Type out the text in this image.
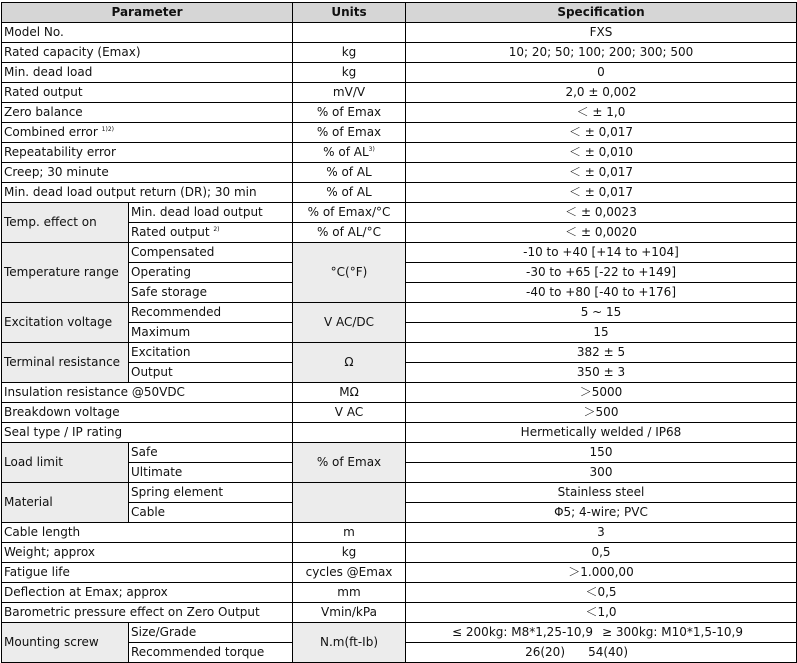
Parameter		Units	Specification
Model No.			FXS
Rated capacity (Emax)		kg	10; 20; 50; 100; 200; 300; 500
Min. dead load		kg	0
Rated output		mV/V	2,0 ± 0,002
Zero balance		% of Emax	＜ ± 1,0
Combined error $^{1)2)}$		% of Emax	＜ ± 0,017
Repeatability error		% of $AL^{3)}$	＜ ± 0,010
Creep; 30 minute		% of AL	＜ ± 0,017
Min. dead load output return (DR); 30 min		% of AL	＜ ± 0,017
Temp. effect on	Min. dead load output	% of Emax/°C	＜ ± 0,0023
	Rated output $^{2)}$	% of AL/°C	＜ ± 0,0020
Temperature range	Compensated	°C(°F)	-10 to +40 [+14 to +104]
	Operating		-30 to +65 [-22 to +149]
	Safe storage		-40 to +80 [-40 to +176]
Excitation voltage	Recommended	V AC/DC	5 ~ 15
	Maximum		15
Terminal resistance	Excitation	Ω	382 ± 5
	Output		350 ± 3
Insulation resistance @50VDC		MΩ	＞5000
Breakdown voltage		V AC	＞500
Seal type / IP rating			Hermetically welded / IP68
Load limit	Safe	% of Emax	150
	Ultimate		300
Material	Spring element		Stainless steel
	Cable		Φ5; 4-wire; PVC
Cable length		m	3
Weight; approx		kg	0,5
Fatigue life		cycles @Emax	＞1.000,00
Deflection at Emax; approx		mm	＜0,5
Barometric pressure effect on Zero Output		Vmin/kPa	＜1,0
Mounting screw	Size/Grade	N.m(ft-Ib)	≤ 200kg: M8*1,25-10,9 ≥ 300kg: M10*1,5-10,9

	Recommended torque		26(20) 54(40)
